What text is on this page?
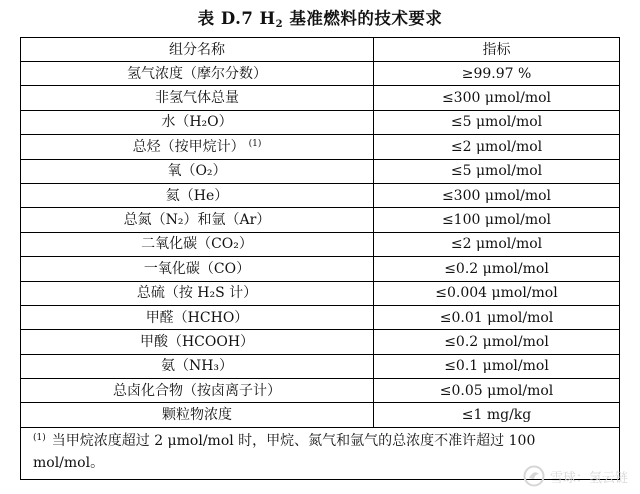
表 D.7 $H_2$ 基准燃料的技术要求
组分名称	指标
氢气浓度（摩尔分数）	≥99.97 %
非氢气体总量	≤300 μmol/mol
水（H₂O）	≤5 μmol/mol
总烃（按甲烷计） $^{(1)}$	≤2 μmol/mol
氧（O₂）	≤5 μmol/mol
氦（He）	≤300 μmol/mol
总氮（N₂）和氩（Ar）	≤100 μmol/mol
二氧化碳（CO₂）	≤2 μmol/mol
一氧化碳（CO）	≤0.2 μmol/mol
总硫（按 H₂S 计）	≤0.004 μmol/mol
甲醛（HCHO）	≤0.01 μmol/mol
甲酸（HCOOH）	≤0.2 μmol/mol
氨（NH₃）	≤0.1 μmol/mol
总卤化合物（按卤离子计）	≤0.05 μmol/mol
颗粒物浓度	≤1 mg/kg
$^{(1)}$ 当甲烷浓度超过 2 μmol/mol 时，甲烷、氮气和氩气的总浓度不准许超过 100 mol/mol。	
雪球：氢云链
